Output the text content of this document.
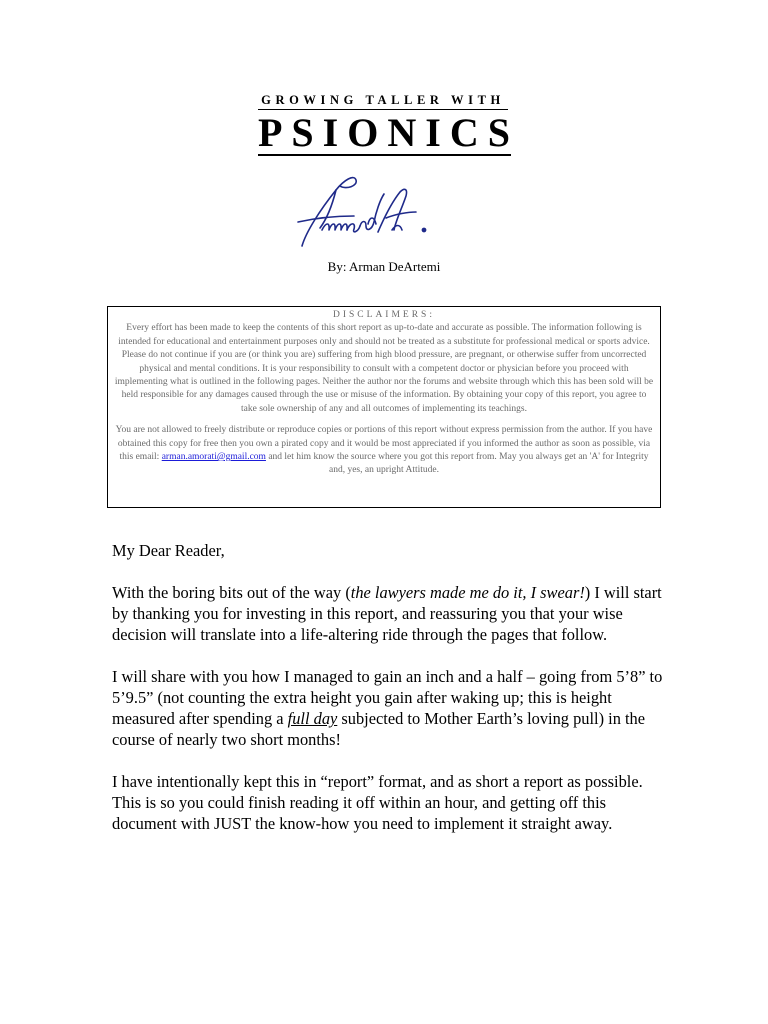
GROWING TALLER WITH
PSIONICS
By: Arman DeArtemi
DISCLAIMERS:
Every effort has been made to keep the contents of this short report as up-to-date and accurate as possible. The information following is intended for educational and entertainment purposes only and should not be treated as a substitute for professional medical or sports advice. Please do not continue if you are (or think you are) suffering from high blood pressure, are pregnant, or otherwise suffer from uncorrected physical and mental conditions. It is your responsibility to consult with a competent doctor or physician before you proceed with implementing what is outlined in the following pages. Neither the author nor the forums and website through which this has been sold will be held responsible for any damages caused through the use or misuse of the information. By obtaining your copy of this report, you agree to take sole ownership of any and all outcomes of implementing its teachings.
You are not allowed to freely distribute or reproduce copies or portions of this report without express permission from the author. If you have obtained this copy for free then you own a pirated copy and it would be most appreciated if you informed the author as soon as possible, via this email: arman.amorati@gmail.com and let him know the source where you got this report from. May you always get an 'A' for Integrity and, yes, an upright Attitude.

My Dear Reader,

With the boring bits out of the way (the lawyers made me do it, I swear!) I will start by thanking you for investing in this report, and reassuring you that your wise decision will translate into a life-altering ride through the pages that follow.

I will share with you how I managed to gain an inch and a half – going from 5’8” to 5’9.5” (not counting the extra height you gain after waking up; this is height measured after spending a full day subjected to Mother Earth’s loving pull) in the course of nearly two short months!

I have intentionally kept this in “report” format, and as short a report as possible. This is so you could finish reading it off within an hour, and getting off this document with JUST the know-how you need to implement it straight away.
